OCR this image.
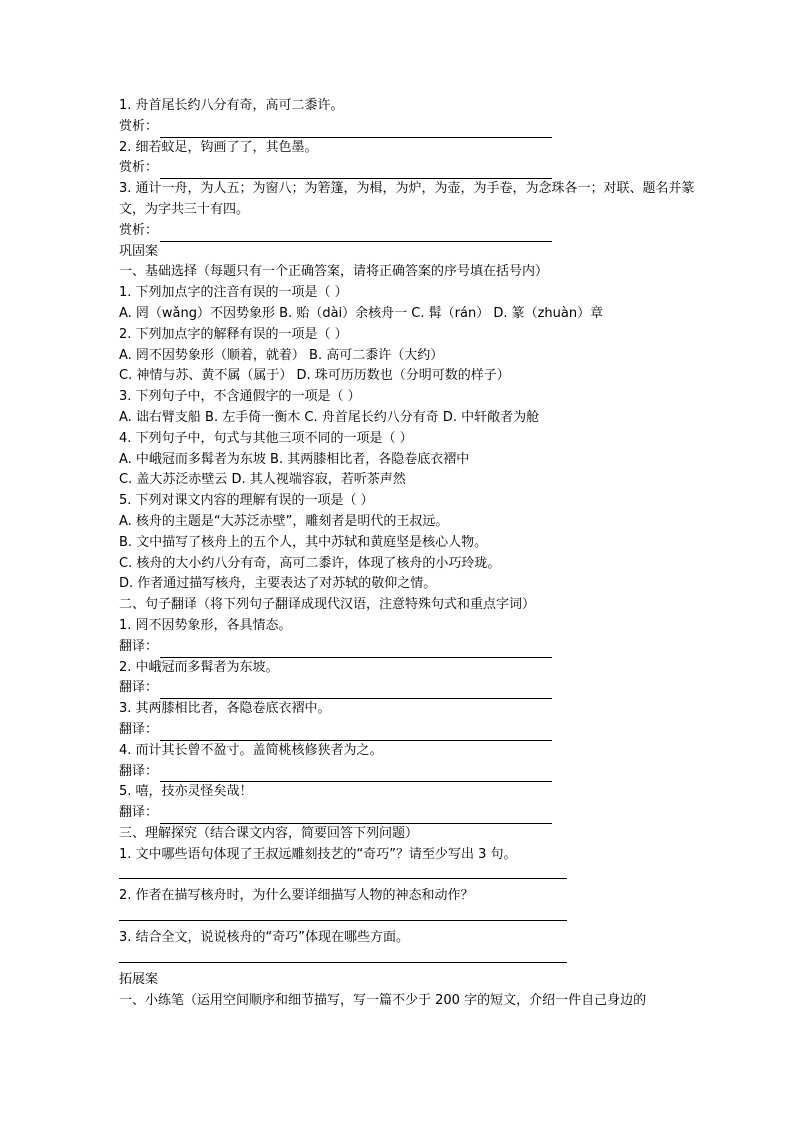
1. 舟首尾长约八分有奇，高可二黍许。
赏析：
2. 细若蚊足，钩画了了，其色墨。
赏析：
3. 通计一舟，为人五；为窗八；为箬篷，为楫，为炉，为壶，为手卷，为念珠各一；对联、题名并篆文，为字共三十有四。
赏析：
巩固案
一、基础选择（每题只有一个正确答案，请将正确答案的序号填在括号内）
1. 下列加点字的注音有误的一项是（ ）
A. 罔（wǎng）不因势象形 B. 贻（dài）余核舟一 C. 髯（rán） D. 篆（zhuàn）章
2. 下列加点字的解释有误的一项是（ ）
A. 罔不因势象形（顺着，就着） B. 高可二黍许（大约）
C. 神情与苏、黄不属（属于） D. 珠可历历数也（分明可数的样子）
3. 下列句子中，不含通假字的一项是（ ）
A. 诎右臂支船 B. 左手倚一衡木 C. 舟首尾长约八分有奇 D. 中轩敞者为舱
4. 下列句子中，句式与其他三项不同的一项是（ ）
A. 中峨冠而多髯者为东坡 B. 其两膝相比者，各隐卷底衣褶中
C. 盖大苏泛赤壁云 D. 其人视端容寂，若听茶声然
5. 下列对课文内容的理解有误的一项是（ ）
A. 核舟的主题是“大苏泛赤壁”，雕刻者是明代的王叔远。
B. 文中描写了核舟上的五个人，其中苏轼和黄庭坚是核心人物。
C. 核舟的大小约八分有奇，高可二黍许，体现了核舟的小巧玲珑。
D. 作者通过描写核舟，主要表达了对苏轼的敬仰之情。
二、句子翻译（将下列句子翻译成现代汉语，注意特殊句式和重点字词）
1. 罔不因势象形，各具情态。
翻译：
2. 中峨冠而多髯者为东坡。
翻译：
3. 其两膝相比者，各隐卷底衣褶中。
翻译：
4. 而计其长曾不盈寸。盖简桃核修狭者为之。
翻译：
5. 嘻，技亦灵怪矣哉！
翻译：
三、理解探究（结合课文内容，简要回答下列问题）
1. 文中哪些语句体现了王叔远雕刻技艺的“奇巧”？请至少写出 3 句。
2. 作者在描写核舟时，为什么要详细描写人物的神态和动作？
3. 结合全文，说说核舟的“奇巧”体现在哪些方面。
拓展案
一、小练笔（运用空间顺序和细节描写，写一篇不少于 200 字的短文，介绍一件自己身边的
